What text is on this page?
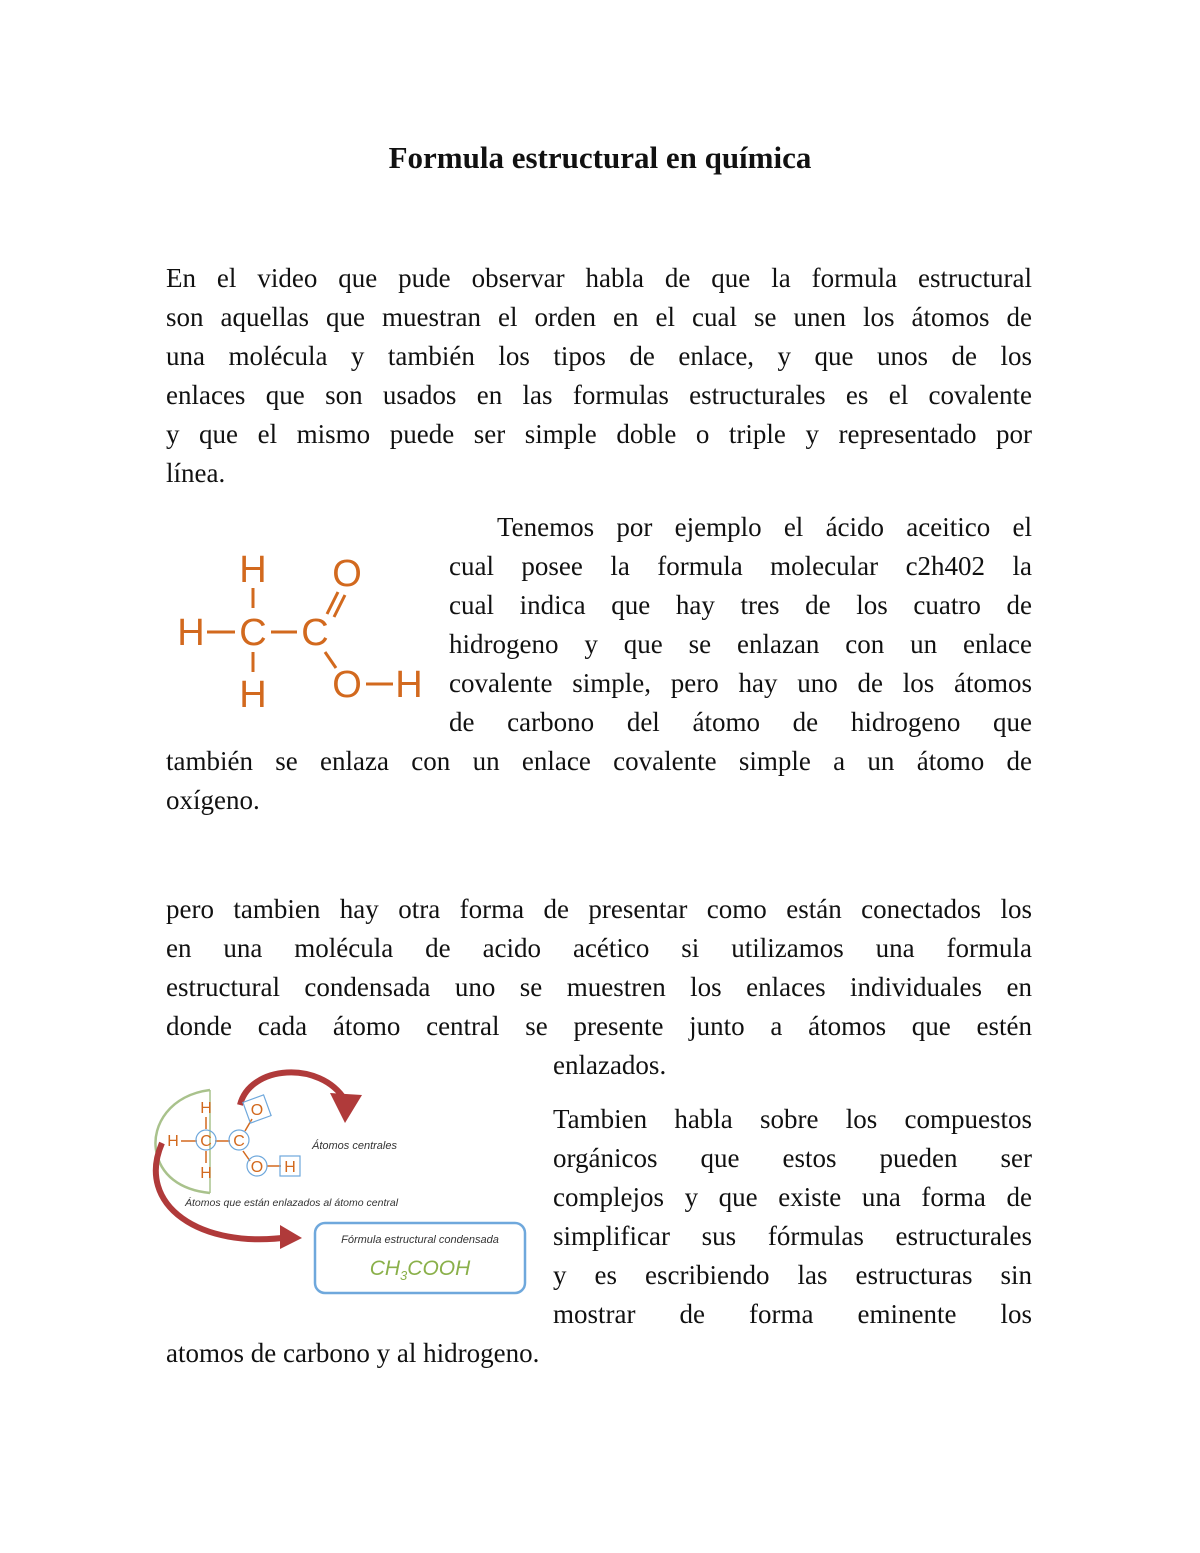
Formula estructural en química

En el video que pude observar habla de que la formula estructural

son aquellas que muestran el orden en el cual se unen los átomos de

una molécula y también los tipos de enlace, y que unos de los

enlaces que son usados en las formulas estructurales es el covalente

y que el mismo puede ser simple doble o triple y representado por

línea.

H
H C C
H
O
O H

Tenemos por ejemplo el ácido aceitico el

cual posee la formula molecular c2h402 la

cual indica que hay tres de los cuatro de

hidrogeno y que se enlazan con un enlace

covalente simple, pero hay uno de los átomos

de carbono del átomo de hidrogeno que

también se enlaza con un enlace covalente simple a un átomo de

oxígeno.

pero tambien hay otra forma de presentar como están conectados los

en una molécula de acido acético si utilizamos una formula

estructural condensada uno se muestren los enlaces individuales en

donde cada átomo central se presente junto a átomos que estén

enlazados.

H
H C C
H
O
O H
Átomos centrales
Átomos que están enlazados al átomo central
Fórmula estructural condensada
$CH_3COOH$

Tambien habla sobre los compuestos

orgánicos que estos pueden ser

complejos y que existe una forma de

simplificar sus fórmulas estructurales

y es escribiendo las estructuras sin

mostrar de forma eminente los

atomos de carbono y al hidrogeno.
